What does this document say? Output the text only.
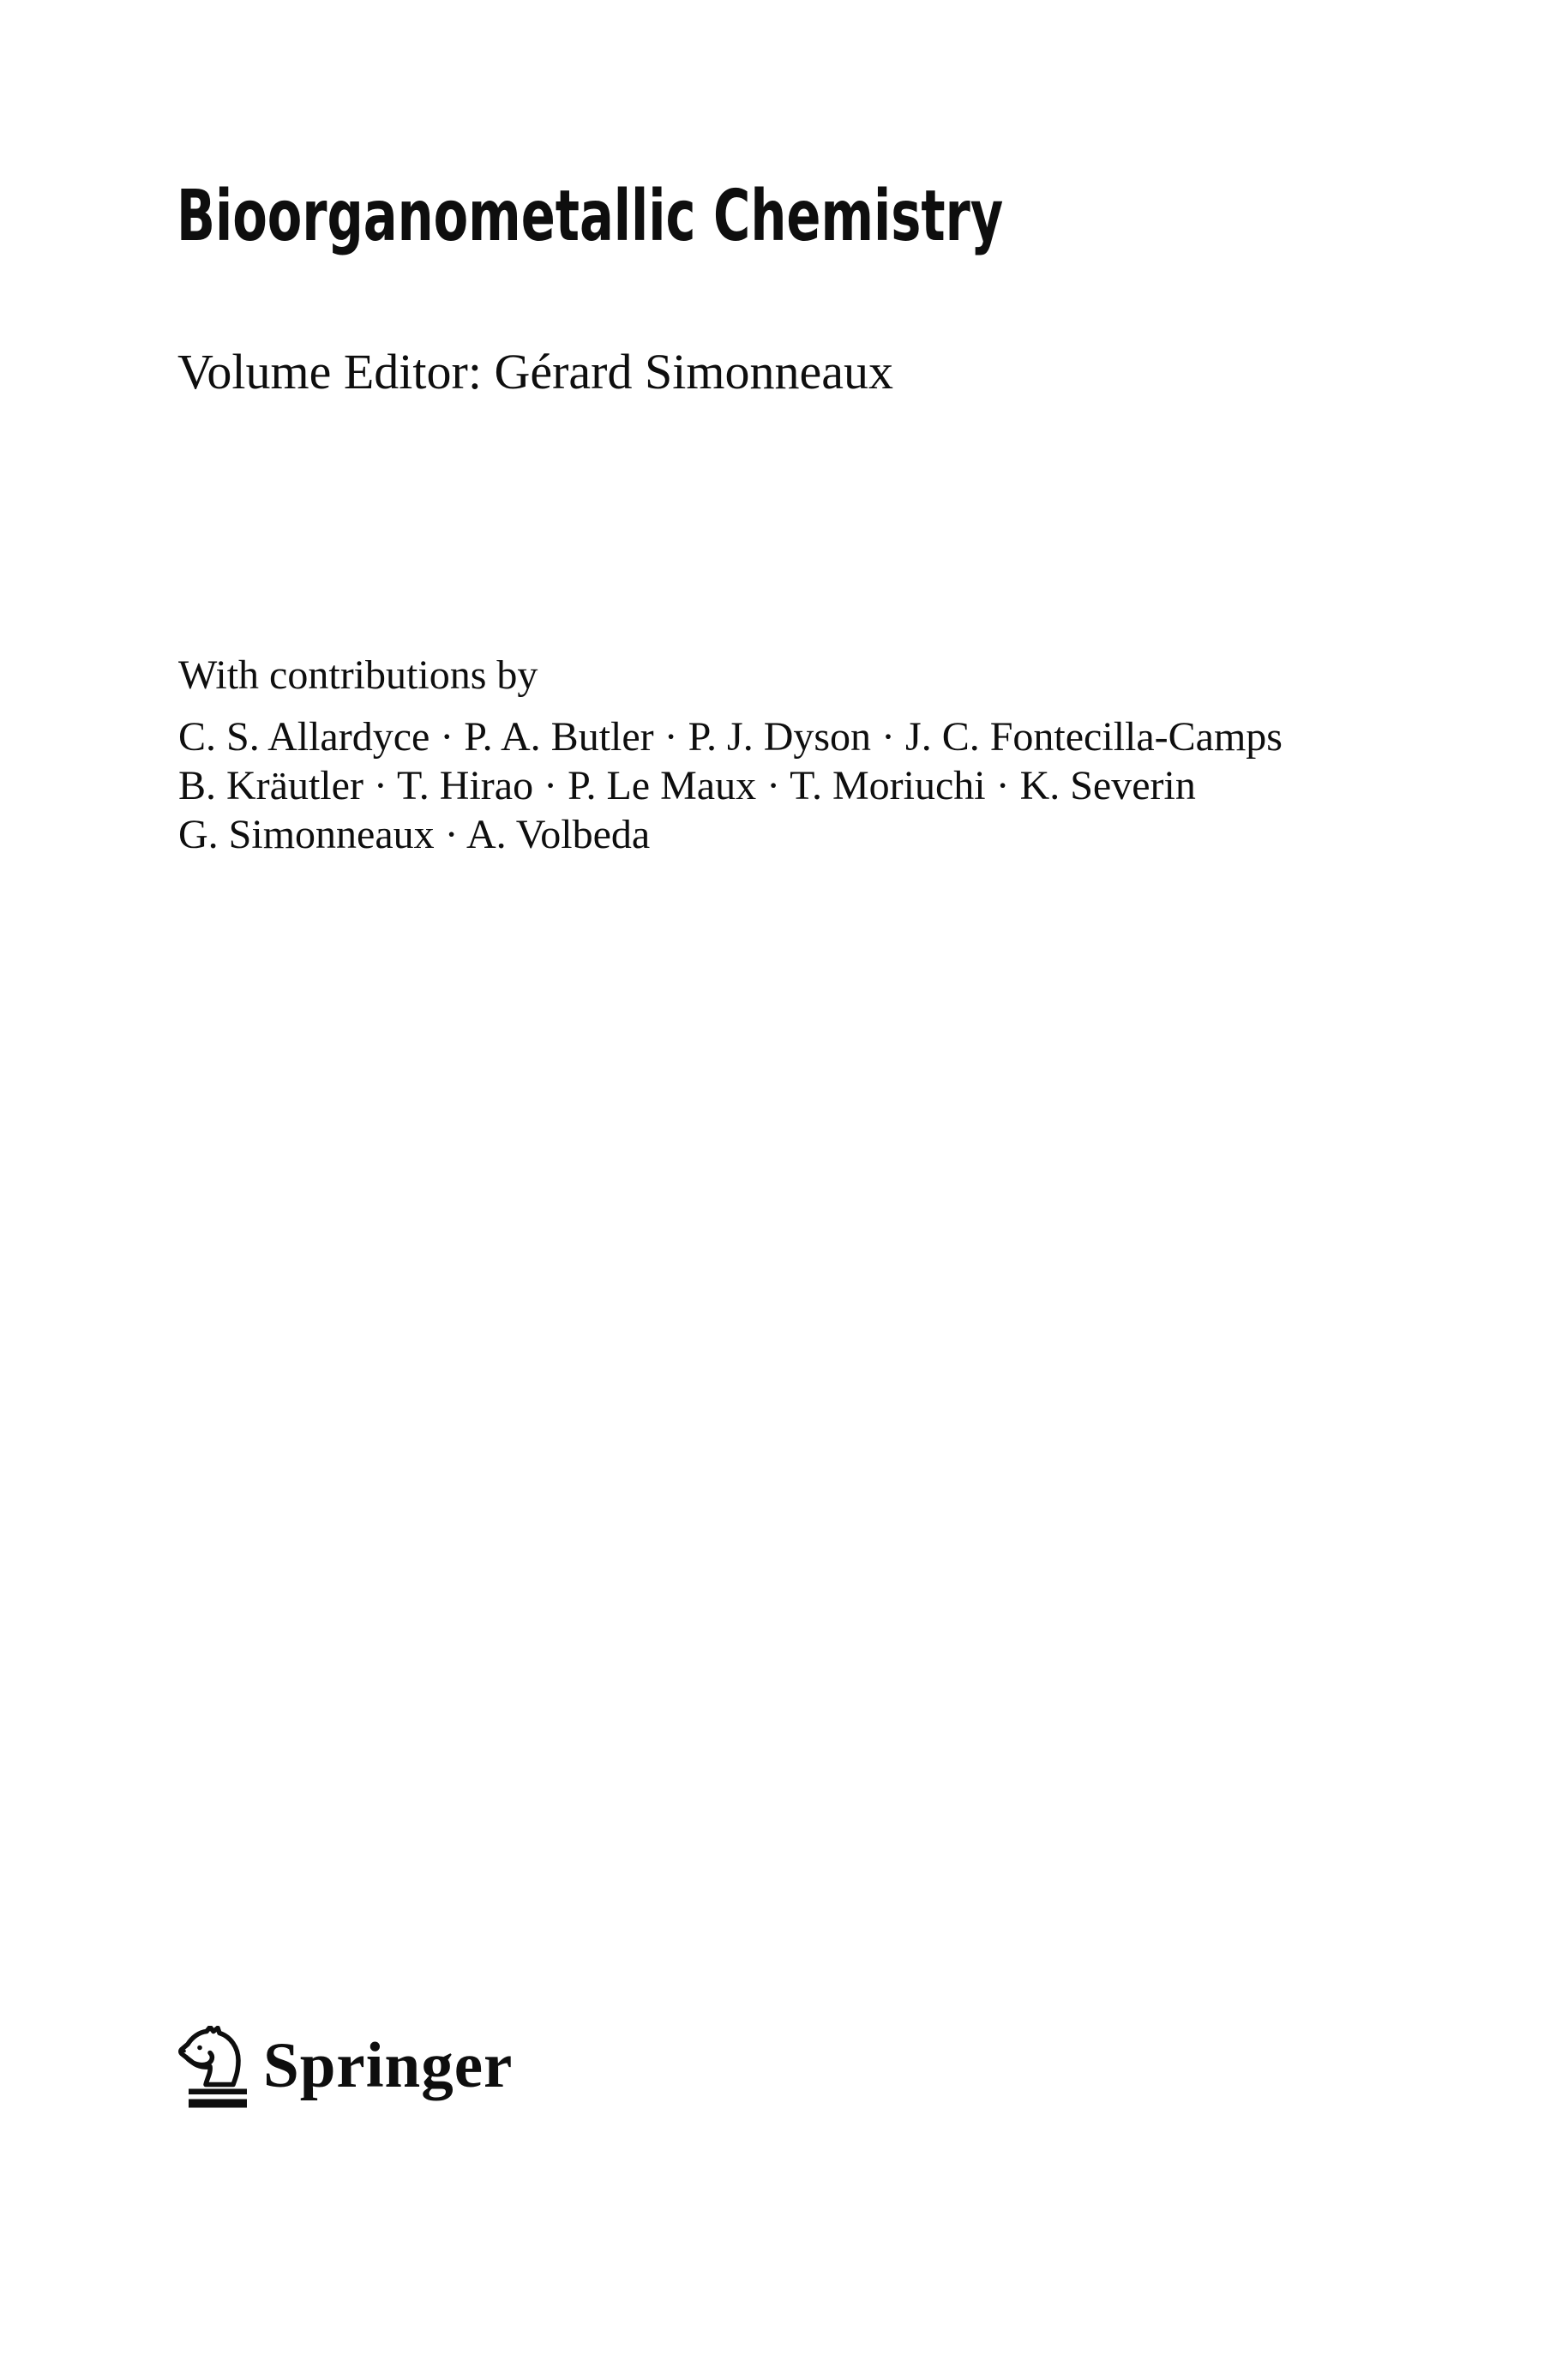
Bioorganometallic Chemistry
Volume Editor: Gérard Simonneaux
With contributions by
C. S. Allardyce · P. A. Butler · P. J. Dyson · J. C. Fontecilla-Camps
B. Kräutler · T. Hirao · P. Le Maux · T. Moriuchi · K. Severin
G. Simonneaux · A. Volbeda
Springer
